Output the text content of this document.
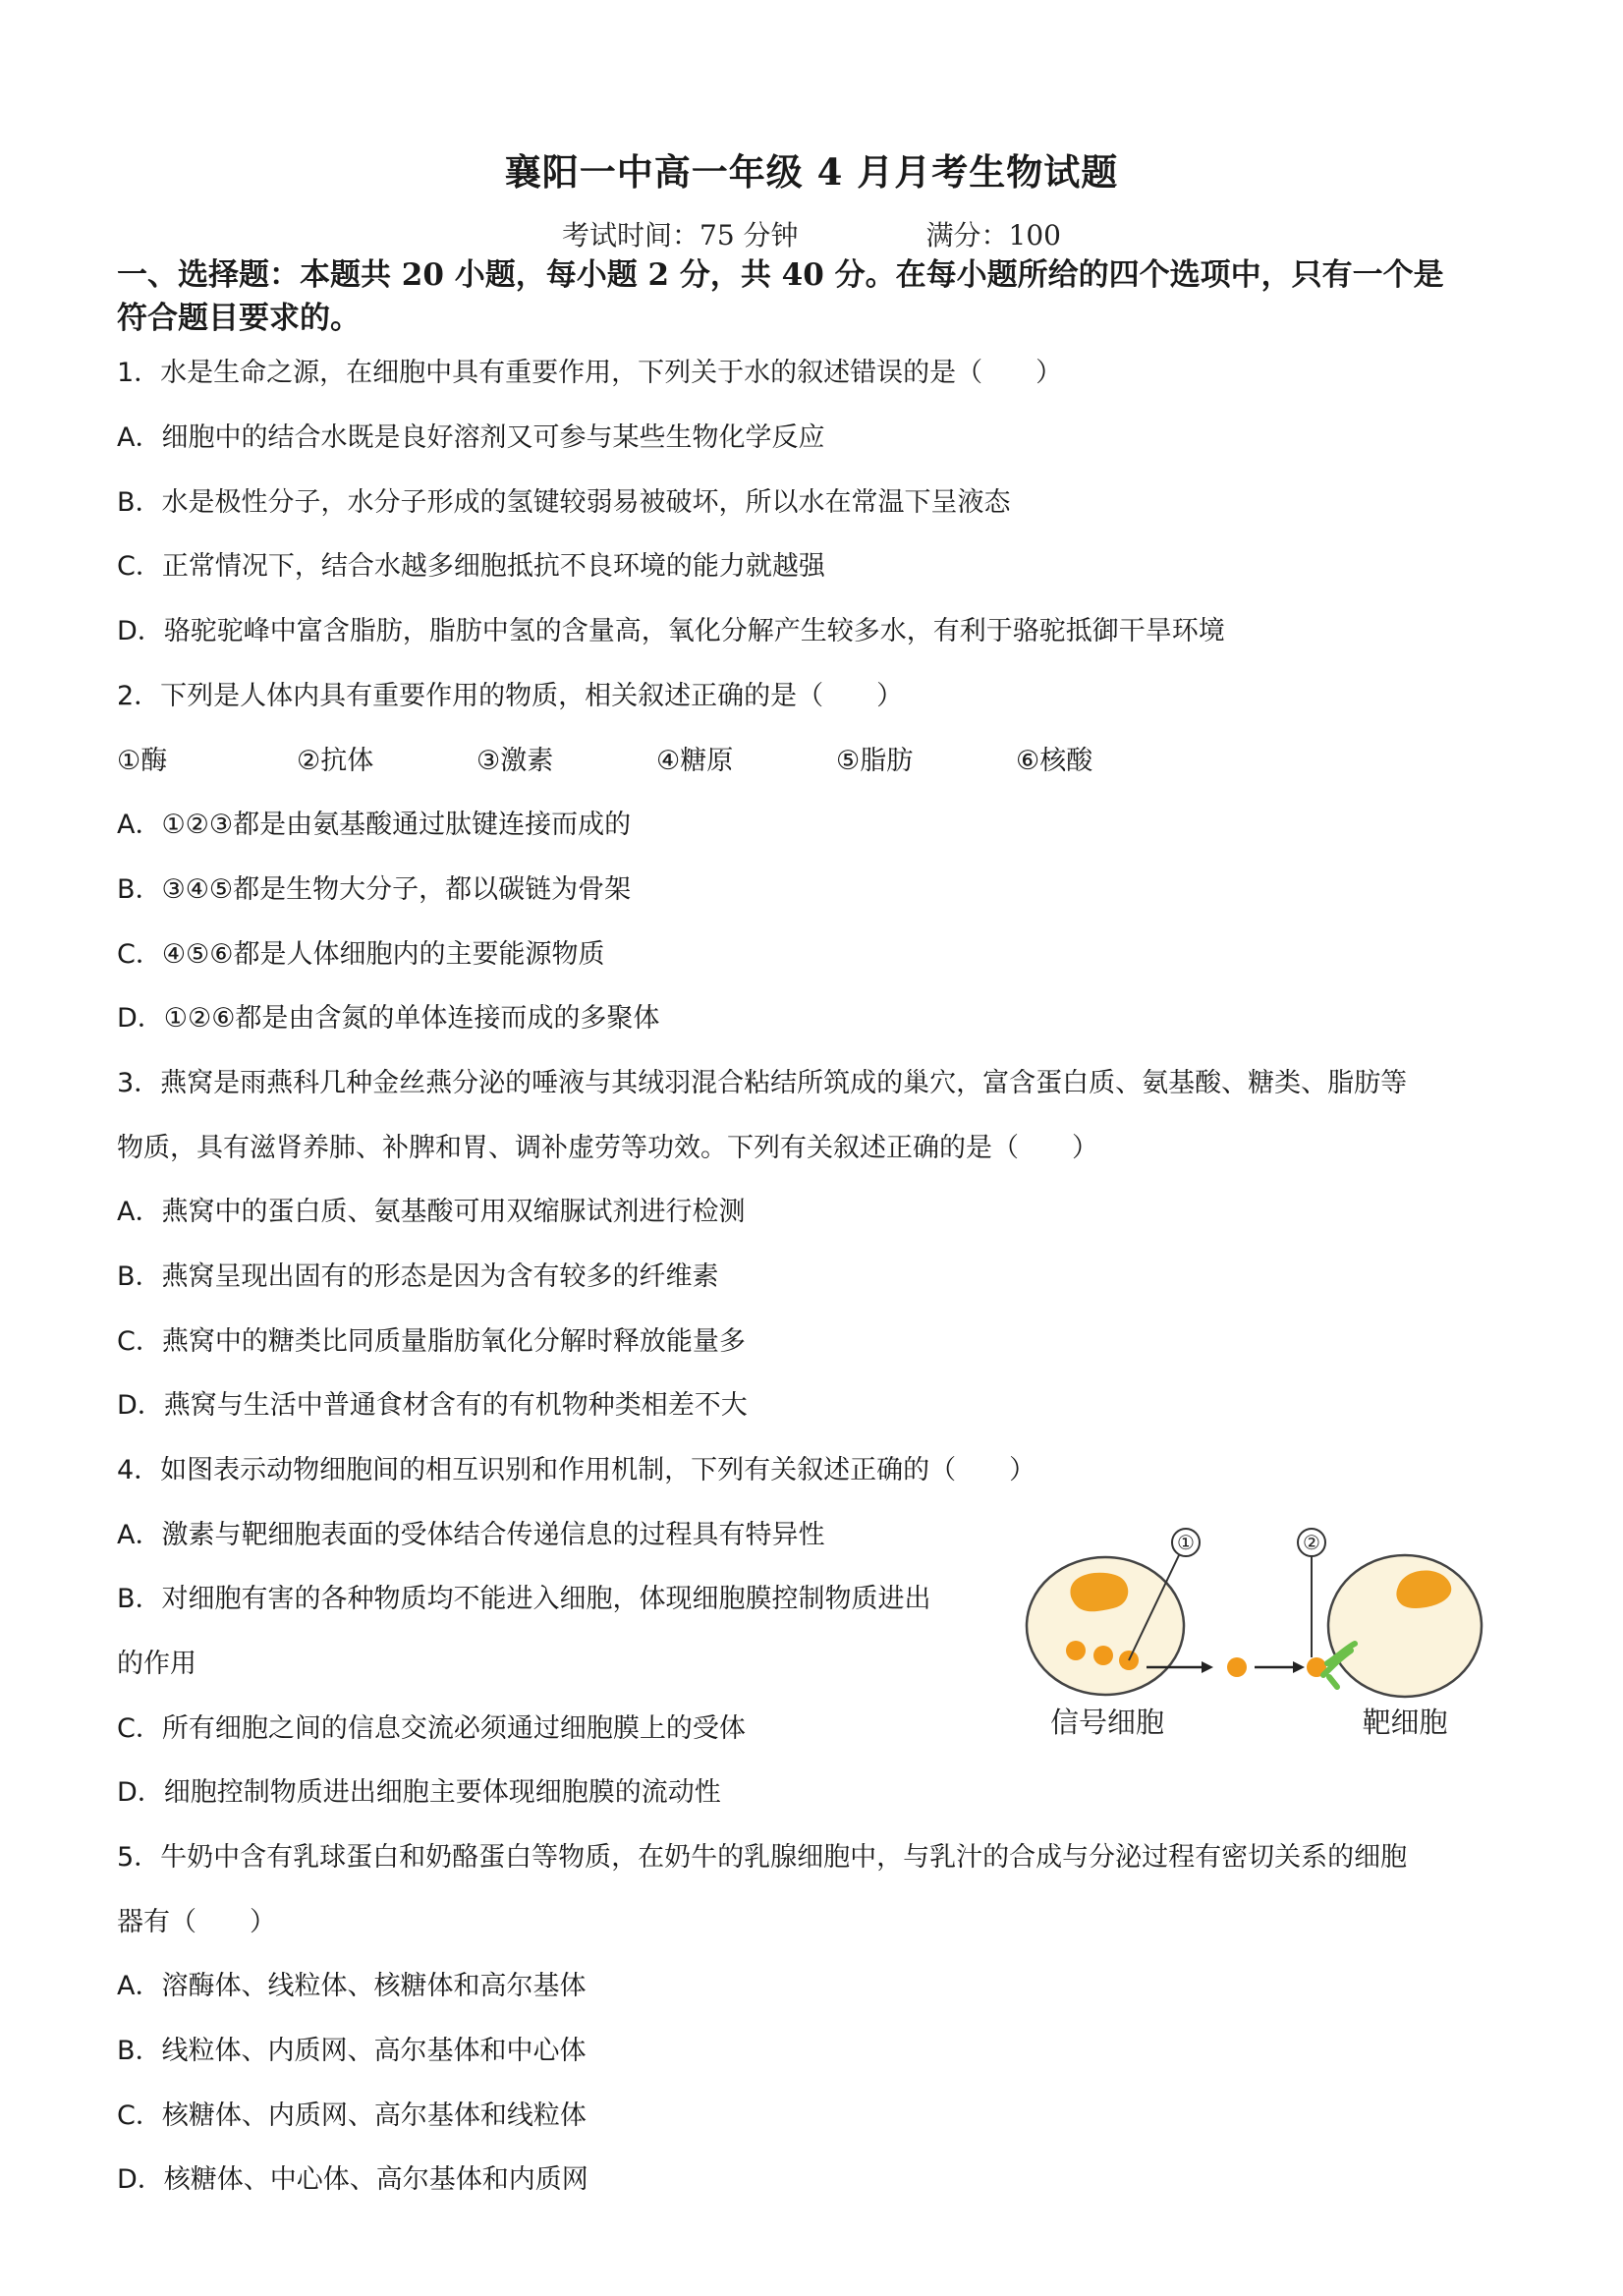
襄阳一中高一年级 4 月月考生物试题
考试时间：75 分钟	满分：100
一、选择题：本题共 20 小题，每小题 2 分，共 40 分。在每小题所给的四个选项中，只有一个是
符合题目要求的。
1．水是生命之源，在细胞中具有重要作用，下列关于水的叙述错误的是（　　）
A．细胞中的结合水既是良好溶剂又可参与某些生物化学反应
B．水是极性分子，水分子形成的氢键较弱易被破坏，所以水在常温下呈液态
C．正常情况下，结合水越多细胞抵抗不良环境的能力就越强
D．骆驼驼峰中富含脂肪，脂肪中氢的含量高，氧化分解产生较多水，有利于骆驼抵御干旱环境
2．下列是人体内具有重要作用的物质，相关叙述正确的是（　　）
①酶	②抗体	③激素	④糖原	⑤脂肪	⑥核酸
A．①②③都是由氨基酸通过肽键连接而成的
B．③④⑤都是生物大分子，都以碳链为骨架
C．④⑤⑥都是人体细胞内的主要能源物质
D．①②⑥都是由含氮的单体连接而成的多聚体
3．燕窝是雨燕科几种金丝燕分泌的唾液与其绒羽混合粘结所筑成的巢穴，富含蛋白质、氨基酸、糖类、脂肪等
物质，具有滋肾养肺、补脾和胃、调补虚劳等功效。下列有关叙述正确的是（　　）
A．燕窝中的蛋白质、氨基酸可用双缩脲试剂进行检测
B．燕窝呈现出固有的形态是因为含有较多的纤维素
C．燕窝中的糖类比同质量脂肪氧化分解时释放能量多
D．燕窝与生活中普通食材含有的有机物种类相差不大
4．如图表示动物细胞间的相互识别和作用机制，下列有关叙述正确的（　　）
A．激素与靶细胞表面的受体结合传递信息的过程具有特异性
B．对细胞有害的各种物质均不能进入细胞，体现细胞膜控制物质进出
的作用
C．所有细胞之间的信息交流必须通过细胞膜上的受体
D．细胞控制物质进出细胞主要体现细胞膜的流动性
①	②
信号细胞	靶细胞
5．牛奶中含有乳球蛋白和奶酪蛋白等物质，在奶牛的乳腺细胞中，与乳汁的合成与分泌过程有密切关系的细胞
器有（　　）
A．溶酶体、线粒体、核糖体和高尔基体
B．线粒体、内质网、高尔基体和中心体
C．核糖体、内质网、高尔基体和线粒体
D．核糖体、中心体、高尔基体和内质网
